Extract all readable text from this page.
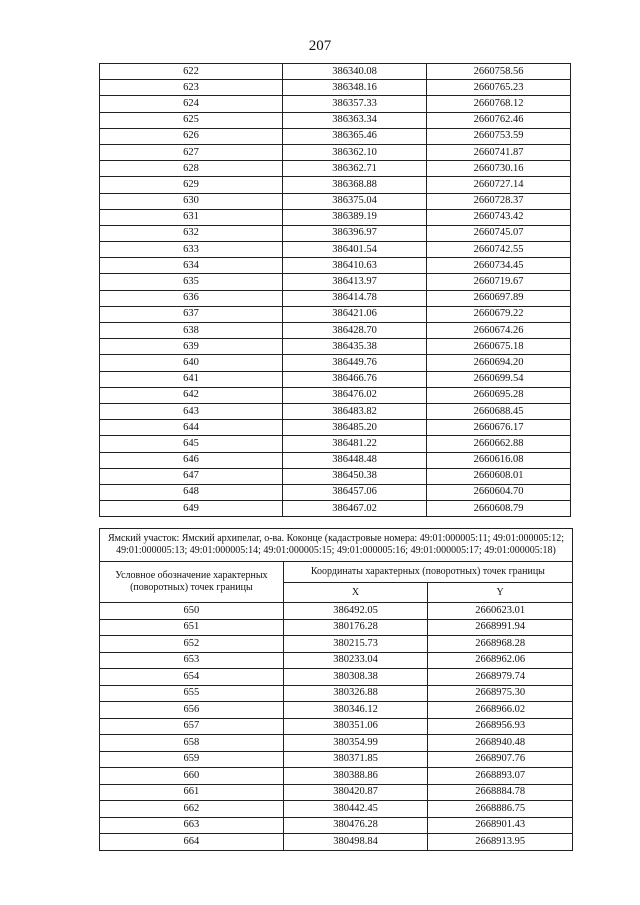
207
622	386340.08	2660758.56
623	386348.16	2660765.23
624	386357.33	2660768.12
625	386363.34	2660762.46
626	386365.46	2660753.59
627	386362.10	2660741.87
628	386362.71	2660730.16
629	386368.88	2660727.14
630	386375.04	2660728.37
631	386389.19	2660743.42
632	386396.97	2660745.07
633	386401.54	2660742.55
634	386410.63	2660734.45
635	386413.97	2660719.67
636	386414.78	2660697.89
637	386421.06	2660679.22
638	386428.70	2660674.26
639	386435.38	2660675.18
640	386449.76	2660694.20
641	386466.76	2660699.54
642	386476.02	2660695.28
643	386483.82	2660688.45
644	386485.20	2660676.17
645	386481.22	2660662.88
646	386448.48	2660616.08
647	386450.38	2660608.01
648	386457.06	2660604.70
649	386467.02	2660608.79
Ямский участок: Ямский архипелаг, о-ва. Коконце (кадастровые номера: 49:01:000005:11; 49:01:000005:12; 49:01:000005:13; 49:01:000005:14; 49:01:000005:15; 49:01:000005:16; 49:01:000005:17; 49:01:000005:18)		
Условное обозначение характерных (поворотных) точек границы	Координаты характерных (поворотных) точек границы	
	X	Y
650	386492.05	2660623.01
651	380176.28	2668991.94
652	380215.73	2668968.28
653	380233.04	2668962.06
654	380308.38	2668979.74
655	380326.88	2668975.30
656	380346.12	2668966.02
657	380351.06	2668956.93
658	380354.99	2668940.48
659	380371.85	2668907.76
660	380388.86	2668893.07
661	380420.87	2668884.78
662	380442.45	2668886.75
663	380476.28	2668901.43
664	380498.84	2668913.95
